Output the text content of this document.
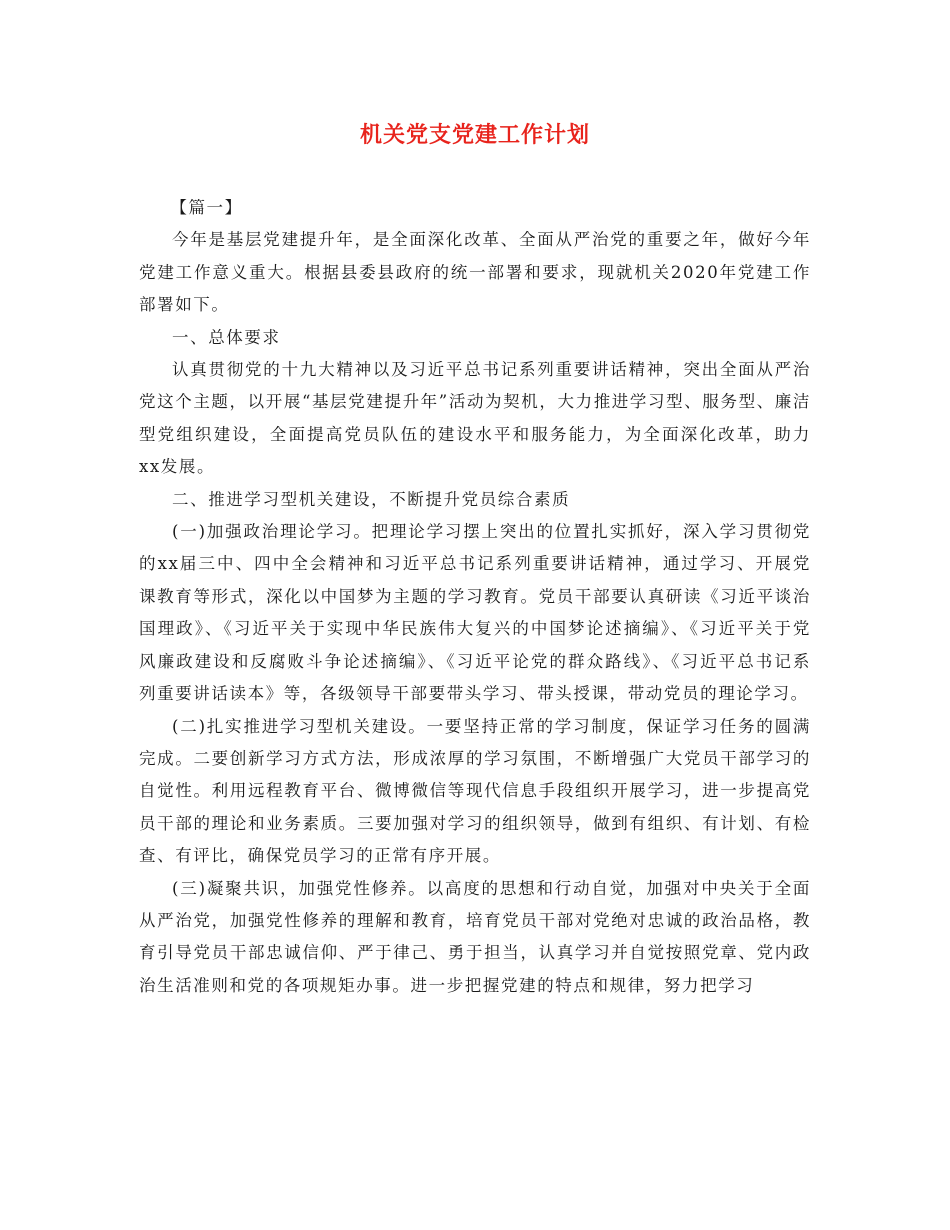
机关党支党建工作计划

【篇一】

今年是基层党建提升年，是全面深化改革、全面从严治党的重要之年，做好今年党建工作意义重大。根据县委县政府的统一部署和要求，现就机关2020年党建工作部署如下。

一、总体要求

认真贯彻党的十九大精神以及习近平总书记系列重要讲话精神，突出全面从严治党这个主题，以开展“基层党建提升年”活动为契机，大力推进学习型、服务型、廉洁型党组织建设，全面提高党员队伍的建设水平和服务能力，为全面深化改革，助力xx发展。

二、推进学习型机关建设，不断提升党员综合素质

(一)加强政治理论学习。把理论学习摆上突出的位置扎实抓好，深入学习贯彻党的xx届三中、四中全会精神和习近平总书记系列重要讲话精神，通过学习、开展党课教育等形式，深化以中国梦为主题的学习教育。党员干部要认真研读《习近平谈治国理政》、《习近平关于实现中华民族伟大复兴的中国梦论述摘编》、《习近平关于党风廉政建设和反腐败斗争论述摘编》、《习近平论党的群众路线》、《习近平总书记系列重要讲话读本》等，各级领导干部要带头学习、带头授课，带动党员的理论学习。

(二)扎实推进学习型机关建设。一要坚持正常的学习制度，保证学习任务的圆满完成。二要创新学习方式方法，形成浓厚的学习氛围，不断增强广大党员干部学习的自觉性。利用远程教育平台、微博微信等现代信息手段组织开展学习，进一步提高党员干部的理论和业务素质。三要加强对学习的组织领导，做到有组织、有计划、有检查、有评比，确保党员学习的正常有序开展。

(三)凝聚共识，加强党性修养。以高度的思想和行动自觉，加强对中央关于全面从严治党，加强党性修养的理解和教育，培育党员干部对党绝对忠诚的政治品格，教育引导党员干部忠诚信仰、严于律己、勇于担当，认真学习并自觉按照党章、党内政治生活准则和党的各项规矩办事。进一步把握党建的特点和规律，努力把学习
